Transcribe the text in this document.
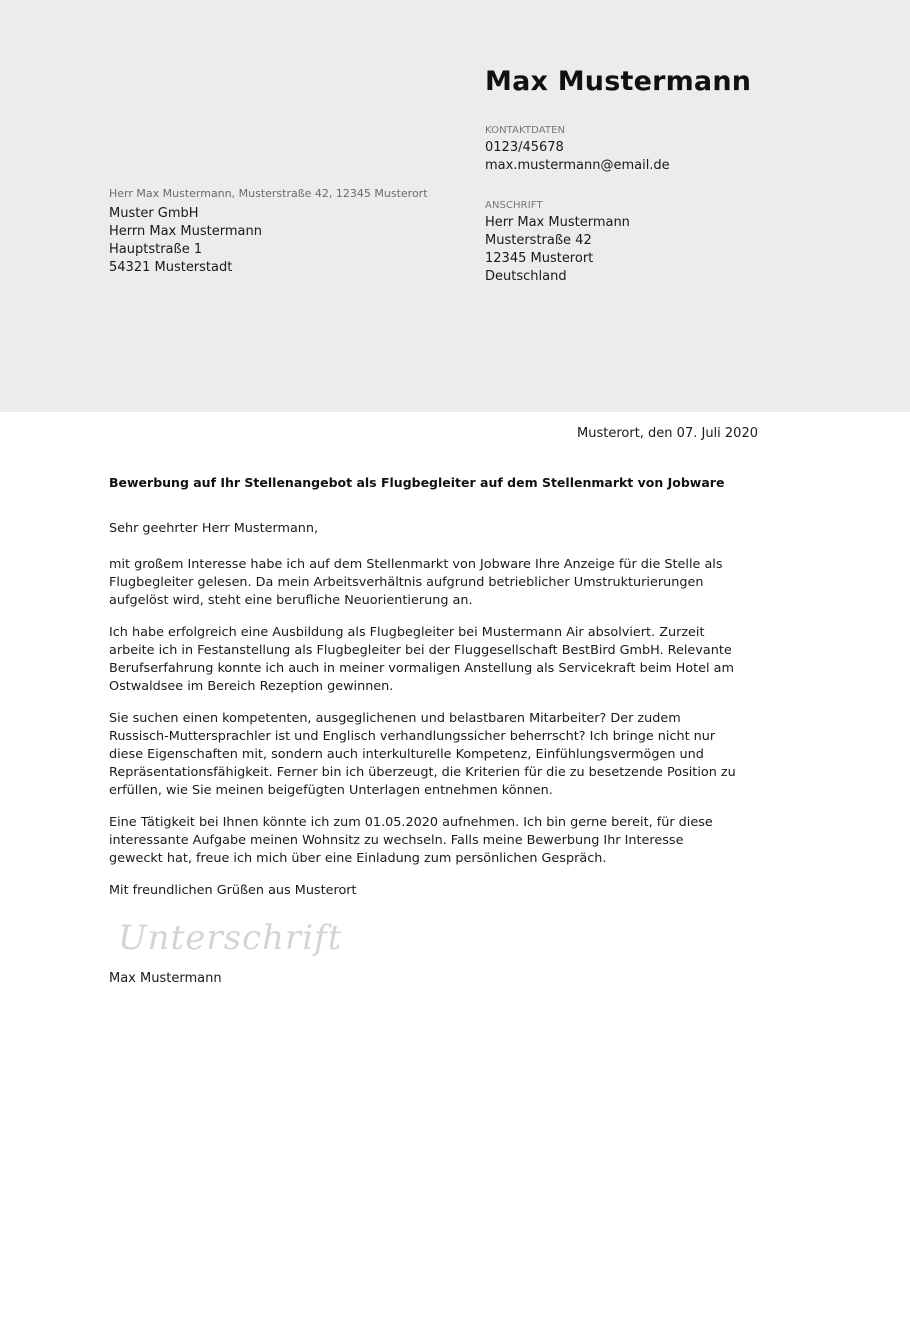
Max Mustermann
KONTAKTDATEN
0123/45678
max.mustermann@email.de
ANSCHRIFT
Herr Max Mustermann
Musterstraße 42
12345 Musterort
Deutschland
Herr Max Mustermann, Musterstraße 42, 12345 Musterort
Muster GmbH
Herrn Max Mustermann
Hauptstraße 1
54321 Musterstadt
Musterort, den 07. Juli 2020
Bewerbung auf Ihr Stellenangebot als Flugbegleiter auf dem Stellenmarkt von Jobware

Sehr geehrter Herr Mustermann,

mit großem Interesse habe ich auf dem Stellenmarkt von Jobware Ihre Anzeige für die Stelle als Flugbegleiter gelesen. Da mein Arbeitsverhältnis aufgrund betrieblicher Umstrukturierungen aufgelöst wird, steht eine berufliche Neuorientierung an.

Ich habe erfolgreich eine Ausbildung als Flugbegleiter bei Mustermann Air absolviert. Zurzeit arbeite ich in Festanstellung als Flugbegleiter bei der Fluggesellschaft BestBird GmbH. Relevante Berufserfahrung konnte ich auch in meiner vormaligen Anstellung als Servicekraft beim Hotel am Ostwaldsee im Bereich Rezeption gewinnen.

Sie suchen einen kompetenten, ausgeglichenen und belastbaren Mitarbeiter? Der zudem Russisch-Muttersprachler ist und Englisch verhandlungssicher beherrscht? Ich bringe nicht nur diese Eigenschaften mit, sondern auch interkulturelle Kompetenz, Einfühlungsvermögen und Repräsentationsfähigkeit. Ferner bin ich überzeugt, die Kriterien für die zu besetzende Position zu erfüllen, wie Sie meinen beigefügten Unterlagen entnehmen können.

Eine Tätigkeit bei Ihnen könnte ich zum 01.05.2020 aufnehmen. Ich bin gerne bereit, für diese interessante Aufgabe meinen Wohnsitz zu wechseln. Falls meine Bewerbung Ihr Interesse geweckt hat, freue ich mich über eine Einladung zum persönlichen Gespräch.

Mit freundlichen Grüßen aus Musterort

Unterschrift
Max Mustermann
